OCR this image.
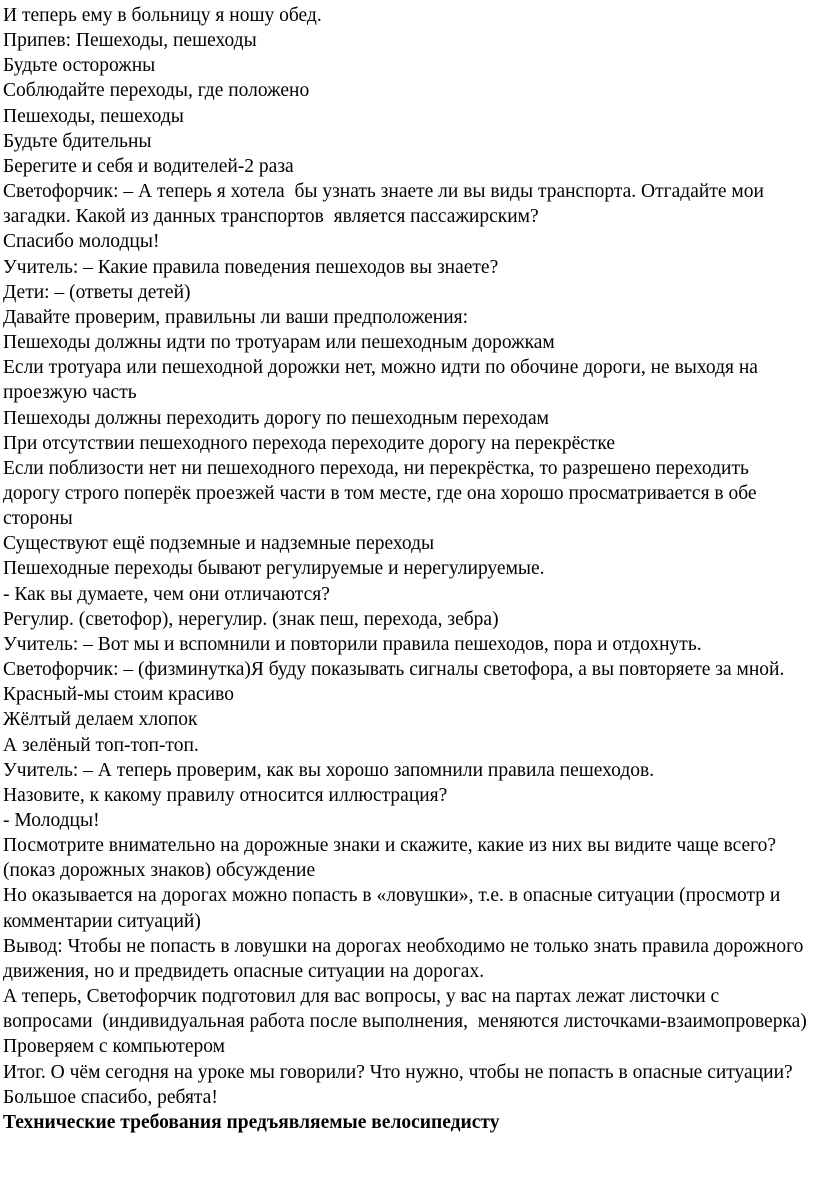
И теперь ему в больницу я ношу обед.

Припев: Пешеходы, пешеходы

Будьте осторожны

Соблюдайте переходы, где положено

Пешеходы, пешеходы

Будьте бдительны

Берегите и себя и водителей-2 раза

Светофорчик: – А теперь я хотела  бы узнать знаете ли вы виды транспорта. Отгадайте мои загадки. Какой из данных транспортов  является пассажирским?

Спасибо молодцы!

Учитель: – Какие правила поведения пешеходов вы знаете?

Дети: – (ответы детей)

Давайте проверим, правильны ли ваши предположения:

Пешеходы должны идти по тротуарам или пешеходным дорожкам

Если тротуара или пешеходной дорожки нет, можно идти по обочине дороги, не выходя на проезжую часть

Пешеходы должны переходить дорогу по пешеходным переходам

При отсутствии пешеходного перехода переходите дорогу на перекрёстке

Если поблизости нет ни пешеходного перехода, ни перекрёстка, то разрешено переходить дорогу строго поперёк проезжей части в том месте, где она хорошо просматривается в обе стороны

Существуют ещё подземные и надземные переходы

Пешеходные переходы бывают регулируемые и нерегулируемые.

- Как вы думаете, чем они отличаются?

Регулир. (светофор), нерегулир. (знак пеш, перехода, зебра)

Учитель: – Вот мы и вспомнили и повторили правила пешеходов, пора и отдохнуть.

Светофорчик: – (физминутка)Я буду показывать сигналы светофора, а вы повторяете за мной.

Красный-мы стоим красиво

Жёлтый делаем хлопок

А зелёный топ-топ-топ.

Учитель: – А теперь проверим, как вы хорошо запомнили правила пешеходов.

Назовите, к какому правилу относится иллюстрация?

- Молодцы!

Посмотрите внимательно на дорожные знаки и скажите, какие из них вы видите чаще всего? (показ дорожных знаков) обсуждение

Но оказывается на дорогах можно попасть в «ловушки», т.е. в опасные ситуации (просмотр и комментарии ситуаций)

Вывод: Чтобы не попасть в ловушки на дорогах необходимо не только знать правила дорожного движения, но и предвидеть опасные ситуации на дорогах.

А теперь, Светофорчик подготовил для вас вопросы, у вас на партах лежат листочки с вопросами  (индивидуальная работа после выполнения,  меняются листочками-взаимопроверка) Проверяем с компьютером

Итог. О чём сегодня на уроке мы говорили? Что нужно, чтобы не попасть в опасные ситуации?

Большое спасибо, ребята!

Технические требования предъявляемые велосипедисту
